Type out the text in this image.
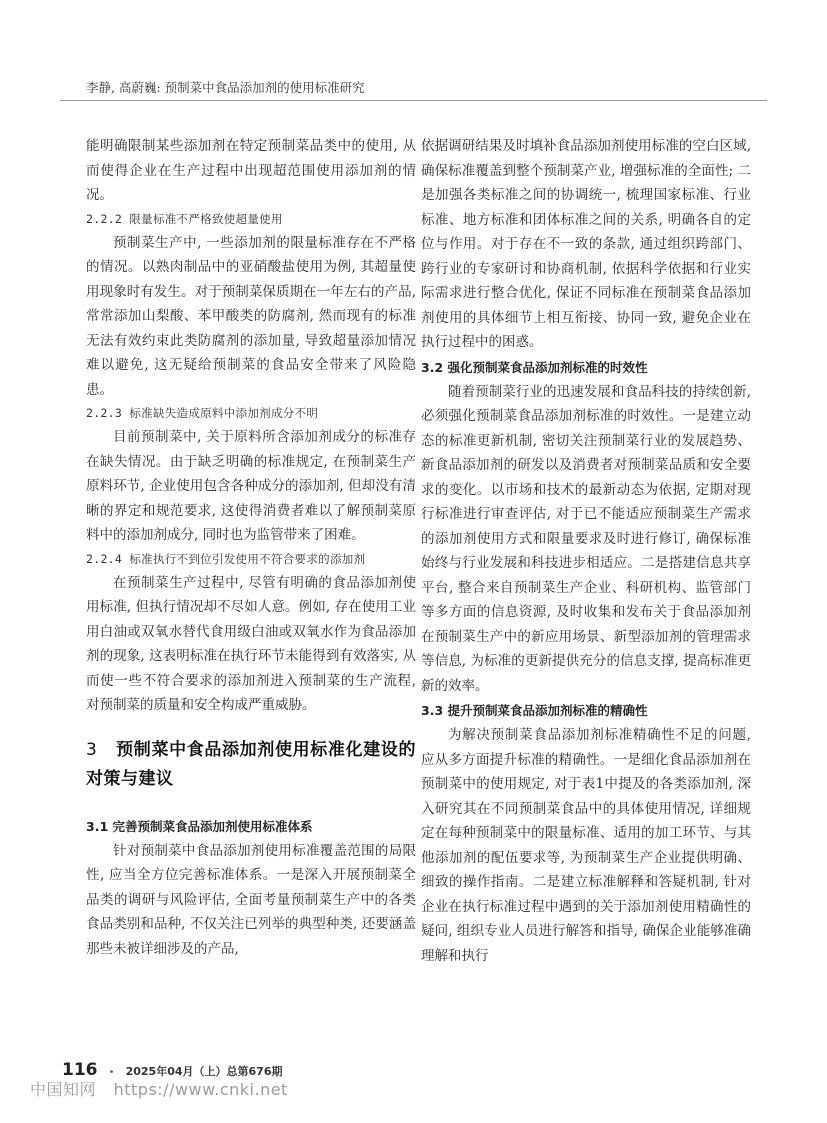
李静, 高蔚巍: 预制菜中食品添加剂的使用标准研究

能明确限制某些添加剂在特定预制菜品类中的使用, 从而使得企业在生产过程中出现超范围使用添加剂的情况。

2.2.2 限量标准不严格致使超量使用

预制菜生产中, 一些添加剂的限量标准存在不严格的情况。以熟肉制品中的亚硝酸盐使用为例, 其超量使用现象时有发生。对于预制菜保质期在一年左右的产品, 常常添加山梨酸、苯甲酸类的防腐剂, 然而现有的标准无法有效约束此类防腐剂的添加量, 导致超量添加情况难以避免, 这无疑给预制菜的食品安全带来了风险隐患。

2.2.3 标准缺失造成原料中添加剂成分不明

目前预制菜中, 关于原料所含添加剂成分的标准存在缺失情况。由于缺乏明确的标准规定, 在预制菜生产原料环节, 企业使用包含各种成分的添加剂, 但却没有清晰的界定和规范要求, 这使得消费者难以了解预制菜原料中的添加剂成分, 同时也为监管带来了困难。

2.2.4 标准执行不到位引发使用不符合要求的添加剂

在预制菜生产过程中, 尽管有明确的食品添加剂使用标准, 但执行情况却不尽如人意。例如, 存在使用工业用白油或双氧水替代食用级白油或双氧水作为食品添加剂的现象, 这表明标准在执行环节未能得到有效落实, 从而使一些不符合要求的添加剂进入预制菜的生产流程, 对预制菜的质量和安全构成严重威胁。

3 预制菜中食品添加剂使用标准化建设的对策与建议
3.1 完善预制菜食品添加剂使用标准体系

针对预制菜中食品添加剂使用标准覆盖范围的局限性, 应当全方位完善标准体系。一是深入开展预制菜全品类的调研与风险评估, 全面考量预制菜生产中的各类食品类别和品种, 不仅关注已列举的典型种类, 还要涵盖那些未被详细涉及的产品,

依据调研结果及时填补食品添加剂使用标准的空白区域, 确保标准覆盖到整个预制菜产业, 增强标准的全面性; 二是加强各类标准之间的协调统一, 梳理国家标准、行业标准、地方标准和团体标准之间的关系, 明确各自的定位与作用。对于存在不一致的条款, 通过组织跨部门、跨行业的专家研讨和协商机制, 依据科学依据和行业实际需求进行整合优化, 保证不同标准在预制菜食品添加剂使用的具体细节上相互衔接、协同一致, 避免企业在执行过程中的困惑。

3.2 强化预制菜食品添加剂标准的时效性

随着预制菜行业的迅速发展和食品科技的持续创新, 必须强化预制菜食品添加剂标准的时效性。一是建立动态的标准更新机制, 密切关注预制菜行业的发展趋势、新食品添加剂的研发以及消费者对预制菜品质和安全要求的变化。以市场和技术的最新动态为依据, 定期对现行标准进行审查评估, 对于已不能适应预制菜生产需求的添加剂使用方式和限量要求及时进行修订, 确保标准始终与行业发展和科技进步相适应。二是搭建信息共享平台, 整合来自预制菜生产企业、科研机构、监管部门等多方面的信息资源, 及时收集和发布关于食品添加剂在预制菜生产中的新应用场景、新型添加剂的管理需求等信息, 为标准的更新提供充分的信息支撑, 提高标准更新的效率。

3.3 提升预制菜食品添加剂标准的精确性

为解决预制菜食品添加剂标准精确性不足的问题, 应从多方面提升标准的精确性。一是细化食品添加剂在预制菜中的使用规定, 对于表1中提及的各类添加剂, 深入研究其在不同预制菜食品中的具体使用情况, 详细规定在每种预制菜中的限量标准、适用的加工环节、与其他添加剂的配伍要求等, 为预制菜生产企业提供明确、细致的操作指南。二是建立标准解释和答疑机制, 针对企业在执行标准过程中遇到的关于添加剂使用精确性的疑问, 组织专业人员进行解答和指导, 确保企业能够准确理解和执行

116 • 2025年04月（上）总第676期
中国知网 https://www.cnki.net
